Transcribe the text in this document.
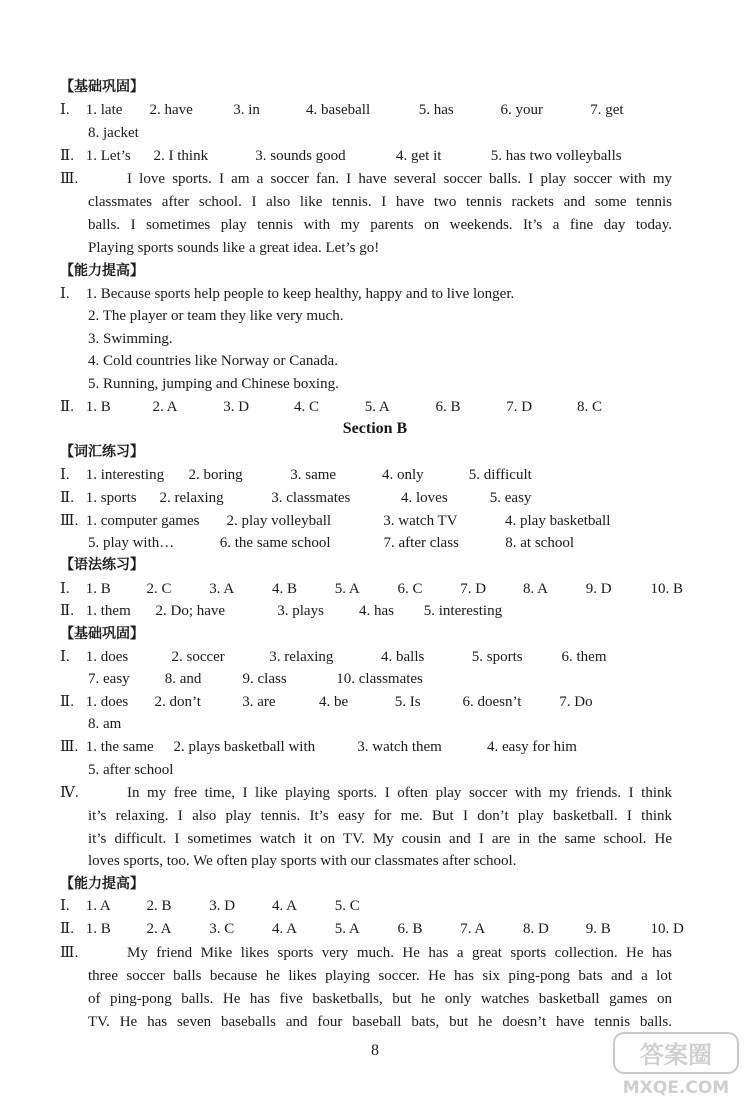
【基础巩固】
Ⅰ. 1. late 2. have	3. in	4. baseball	5. has	6. your	7. get
8. jacket
Ⅱ. 1. Let’s 2. I think	3. sounds good	4. get it	5. has two volleyballs
Ⅲ.	I love sports. I am a soccer fan. I have several soccer balls. I play soccer with my
classmates after school. I also like tennis. I have two tennis rackets and some tennis
balls. I sometimes play tennis with my parents on weekends. It’s a fine day today.
Playing sports sounds like a great idea. Let’s go!
【能力提高】
Ⅰ. 1. Because sports help people to keep healthy, happy and to live longer.
2. The player or team they like very much.
3. Swimming.
4. Cold countries like Norway or Canada.
5. Running, jumping and Chinese boxing.
Ⅱ. 1. B	2. A	3. D	4. C	5. A	6. B	7. D	8. C
Section B
【词汇练习】
Ⅰ. 1. interesting 2. boring	3. same	4. only	5. difficult
Ⅱ. 1. sports 2. relaxing	3. classmates	4. loves	5. easy
Ⅲ. 1. computer games 2. play volleyball	3. watch TV	4. play basketball
5. play with…	6. the same school	7. after class	8. at school
【语法练习】
Ⅰ. 1. B 2. C	3. A	4. B	5. A	6. C	7. D 8. A	9. D	10. B
Ⅱ. 1. them 2. Do; have	3. plays 4. has 5. interesting
【基础巩固】
Ⅰ. 1. does	2. soccer	3. relaxing	4. balls	5. sports	6. them
7. easy 8. and	9. class	10. classmates
Ⅱ. 1. does 2. don’t	3. are	4. be	5. Is	6. doesn’t	7. Do
8. am
Ⅲ. 1. the same 2. plays basketball with	3. watch them	4. easy for him
5. after school
Ⅳ.	In my free time, I like playing sports. I often play soccer with my friends. I think
it’s relaxing. I also play tennis. It’s easy for me. But I don’t play basketball. I think
it’s difficult. I sometimes watch it on TV. My cousin and I are in the same school. He
loves sports, too. We often play sports with our classmates after school.
【能力提高】
Ⅰ. 1. A 2. B	3. D 4. A	5. C
Ⅱ. 1. B 2. A	3. C	4. A	5. A	6. B	7. A	8. D 9. B	10. D
Ⅲ.	My friend Mike likes sports very much. He has a great sports collection. He has
three soccer balls because he likes playing soccer. He has six ping-pong bats and a lot
of ping-pong balls. He has five basketballs, but he only watches basketball games on
TV. He has seven baseballs and four baseball bats, but he doesn’t have tennis balls.
8	答案圈
MXQE.COM
